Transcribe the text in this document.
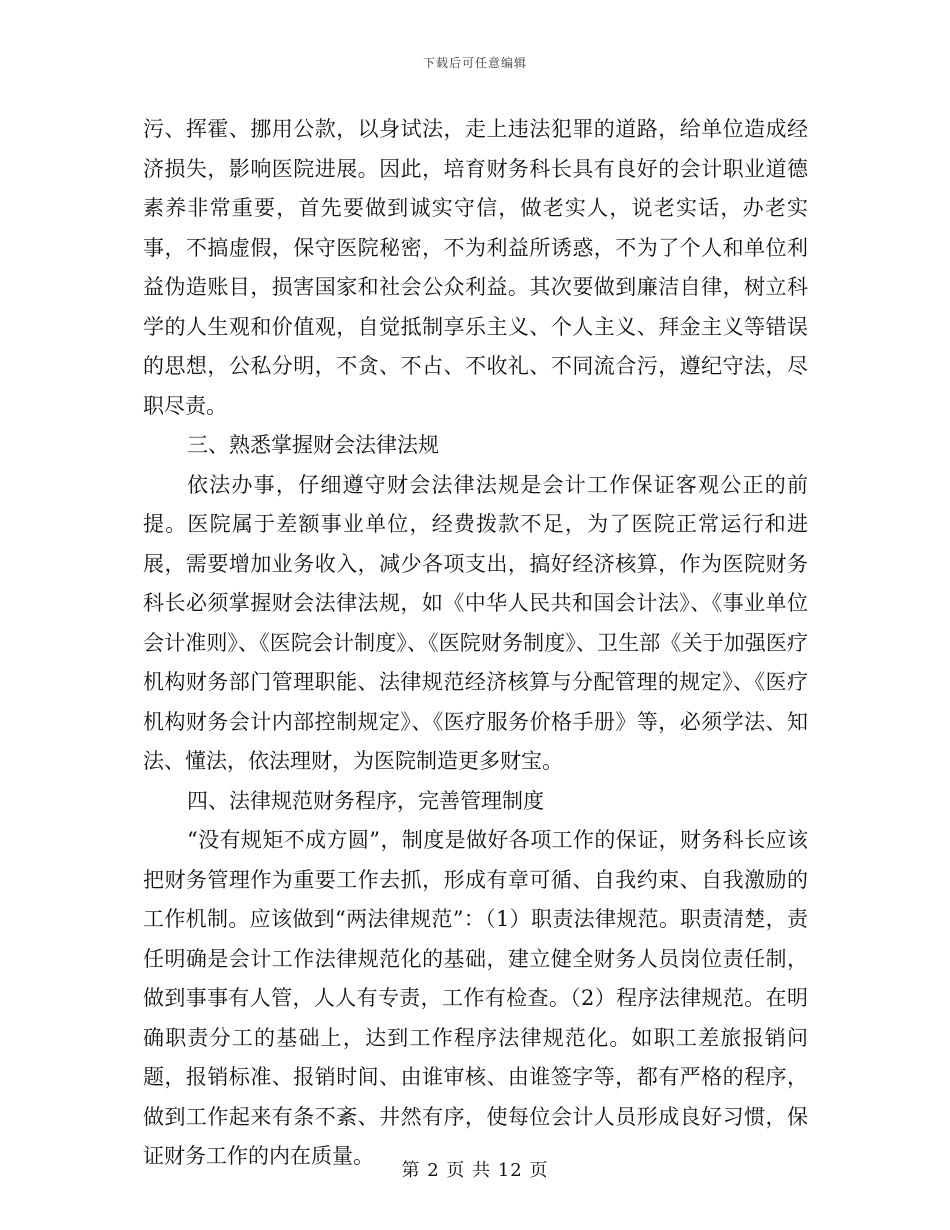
下载后可任意编辑

污、挥霍、挪用公款，以身试法，走上违法犯罪的道路，给单位造成经济损失，影响医院进展。因此，培育财务科长具有良好的会计职业道德素养非常重要，首先要做到诚实守信，做老实人，说老实话，办老实事，不搞虚假，保守医院秘密，不为利益所诱惑，不为了个人和单位利益伪造账目，损害国家和社会公众利益。其次要做到廉洁自律，树立科学的人生观和价值观，自觉抵制享乐主义、个人主义、拜金主义等错误的思想，公私分明，不贪、不占、不收礼、不同流合污，遵纪守法，尽职尽责。

三、熟悉掌握财会法律法规

依法办事，仔细遵守财会法律法规是会计工作保证客观公正的前提。医院属于差额事业单位，经费拨款不足，为了医院正常运行和进展，需要增加业务收入，减少各项支出，搞好经济核算，作为医院财务科长必须掌握财会法律法规，如《中华人民共和国会计法》、《事业单位会计准则》、《医院会计制度》、《医院财务制度》、卫生部《关于加强医疗机构财务部门管理职能、法律规范经济核算与分配管理的规定》、《医疗机构财务会计内部控制规定》、《医疗服务价格手册》等，必须学法、知法、懂法，依法理财，为医院制造更多财宝。

四、法律规范财务程序，完善管理制度

“没有规矩不成方圆”，制度是做好各项工作的保证，财务科长应该把财务管理作为重要工作去抓，形成有章可循、自我约束、自我激励的工作机制。应该做到“两法律规范”：（1）职责法律规范。职责清楚，责任明确是会计工作法律规范化的基础，建立健全财务人员岗位责任制，做到事事有人管，人人有专责，工作有检查。（2）程序法律规范。在明确职责分工的基础上，达到工作程序法律规范化。如职工差旅报销问题，报销标准、报销时间、由谁审核、由谁签字等，都有严格的程序，做到工作起来有条不紊、井然有序，使每位会计人员形成良好习惯，保证财务工作的内在质量。

第 2 页 共 12 页
